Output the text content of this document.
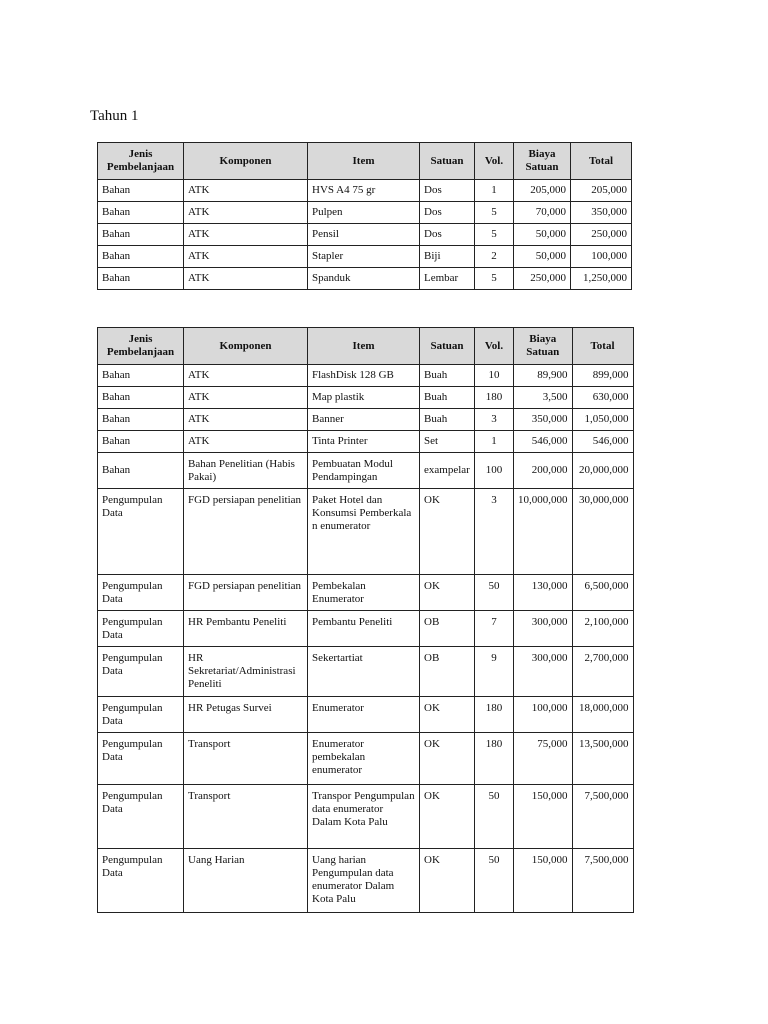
Tahun 1
Jenis Pembelanjaan	Komponen	Item	Satuan	Vol.	Biaya Satuan	Total
Bahan	ATK	HVS A4 75 gr	Dos	1	205,000	205,000
Bahan	ATK	Pulpen	Dos	5	70,000	350,000
Bahan	ATK	Pensil	Dos	5	50,000	250,000
Bahan	ATK	Stapler	Biji	2	50,000	100,000
Bahan	ATK	Spanduk	Lembar	5	250,000	1,250,000
Jenis Pembelanjaan	Komponen	Item	Satuan	Vol.	Biaya Satuan	Total
Bahan	ATK	FlashDisk 128 GB	Buah	10	89,900	899,000
Bahan	ATK	Map plastik	Buah	180	3,500	630,000
Bahan	ATK	Banner	Buah	3	350,000	1,050,000
Bahan	ATK	Tinta Printer	Set	1	546,000	546,000
Bahan	Bahan Penelitian (Habis Pakai)	Pembuatan Modul Pendampingan	exampelar	100	200,000	20,000,000
Pengumpulan Data	FGD persiapan penelitian	Paket Hotel dan Konsumsi Pemberkala n enumerator	OK	3	10,000,000	30,000,000
Pengumpulan Data	FGD persiapan penelitian	Pembekalan Enumerator	OK	50	130,000	6,500,000
Pengumpulan Data	HR Pembantu Peneliti	Pembantu Peneliti	OB	7	300,000	2,100,000
Pengumpulan Data	HR Sekretariat/Administrasi Peneliti	Sekertartiat	OB	9	300,000	2,700,000
Pengumpulan Data	HR Petugas Survei	Enumerator	OK	180	100,000	18,000,000
Pengumpulan Data	Transport	Enumerator pembekalan enumerator	OK	180	75,000	13,500,000
Pengumpulan Data	Transport	Transpor Pengumpulan data enumerator Dalam Kota Palu	OK	50	150,000	7,500,000
Pengumpulan Data	Uang Harian	Uang harian Pengumpulan data enumerator Dalam Kota Palu	OK	50	150,000	7,500,000
